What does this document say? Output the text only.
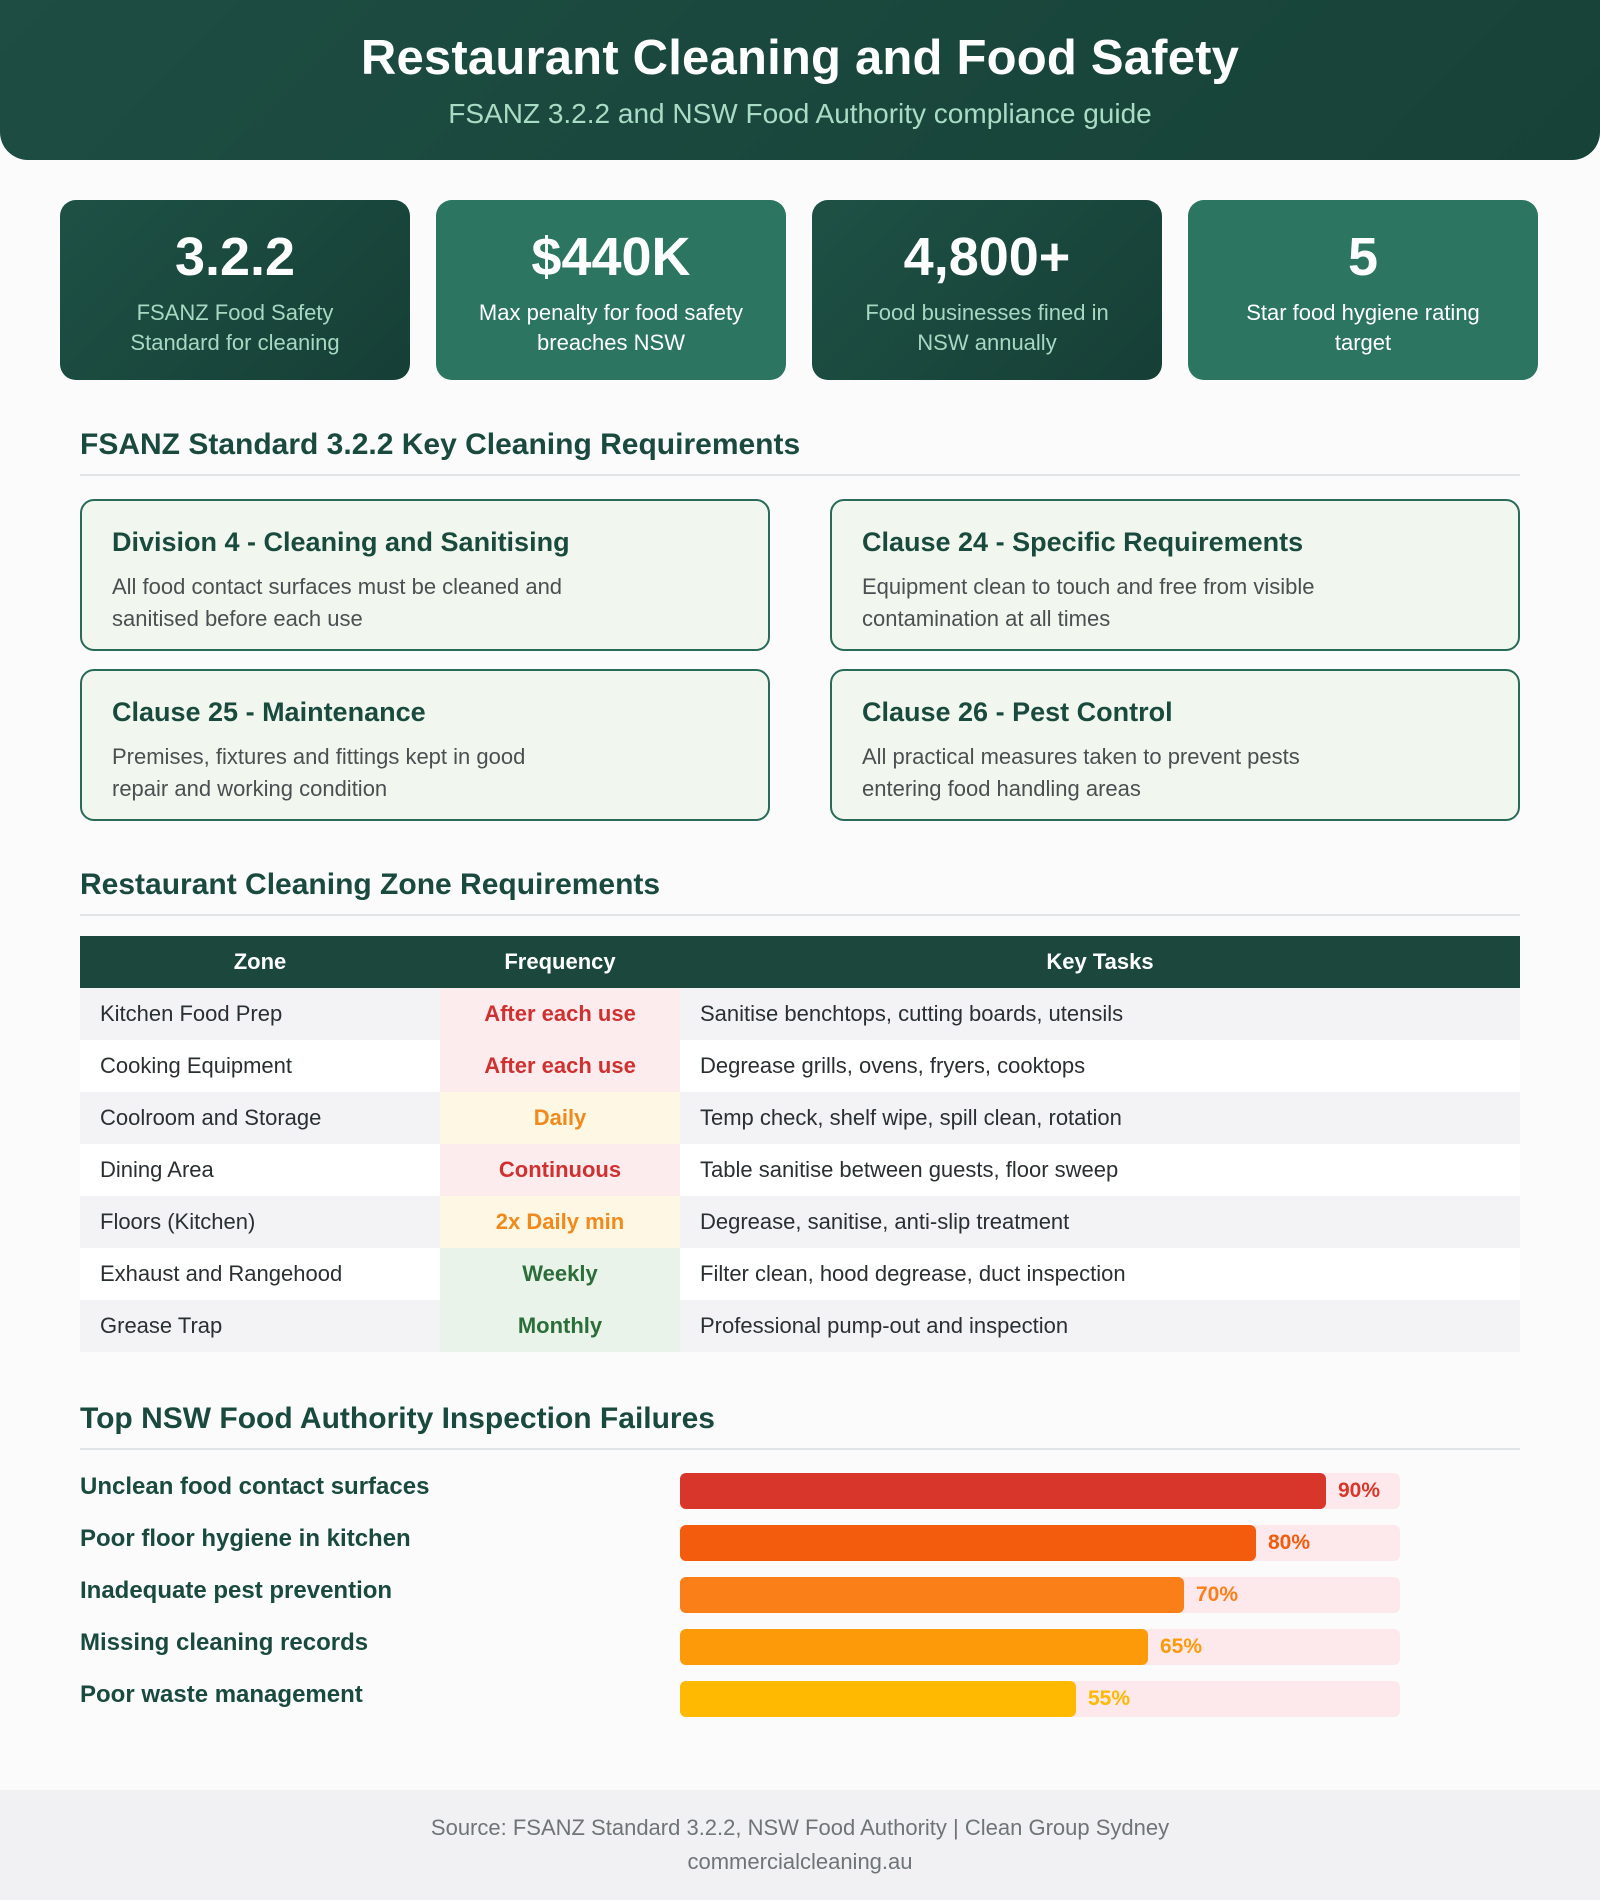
Restaurant Cleaning and Food Safety
FSANZ 3.2.2 and NSW Food Authority compliance guide
3.2.2
FSANZ Food Safety Standard for cleaning
$440K
Max penalty for food safety breaches NSW
4,800+
Food businesses fined in NSW annually
5
Star food hygiene rating target
FSANZ Standard 3.2.2 Key Cleaning Requirements
Division 4 - Cleaning and Sanitising
All food contact surfaces must be cleaned and sanitised before each use
Clause 24 - Specific Requirements
Equipment clean to touch and free from visible contamination at all times
Clause 25 - Maintenance
Premises, fixtures and fittings kept in good repair and working condition
Clause 26 - Pest Control
All practical measures taken to prevent pests entering food handling areas
Restaurant Cleaning Zone Requirements
Zone	Frequency	Key Tasks
Kitchen Food Prep	After each use	Sanitise benchtops, cutting boards, utensils
Cooking Equipment	After each use	Degrease grills, ovens, fryers, cooktops
Coolroom and Storage	Daily	Temp check, shelf wipe, spill clean, rotation
Dining Area	Continuous	Table sanitise between guests, floor sweep
Floors (Kitchen)	2x Daily min	Degrease, sanitise, anti-slip treatment
Exhaust and Rangehood	Weekly	Filter clean, hood degrease, duct inspection
Grease Trap	Monthly	Professional pump-out and inspection
Top NSW Food Authority Inspection Failures
Unclean food contact surfaces	90%
Poor floor hygiene in kitchen	80%
Inadequate pest prevention	70%
Missing cleaning records	65%
Poor waste management	55%
Source: FSANZ Standard 3.2.2, NSW Food Authority | Clean Group Sydney
commercialcleaning.au
